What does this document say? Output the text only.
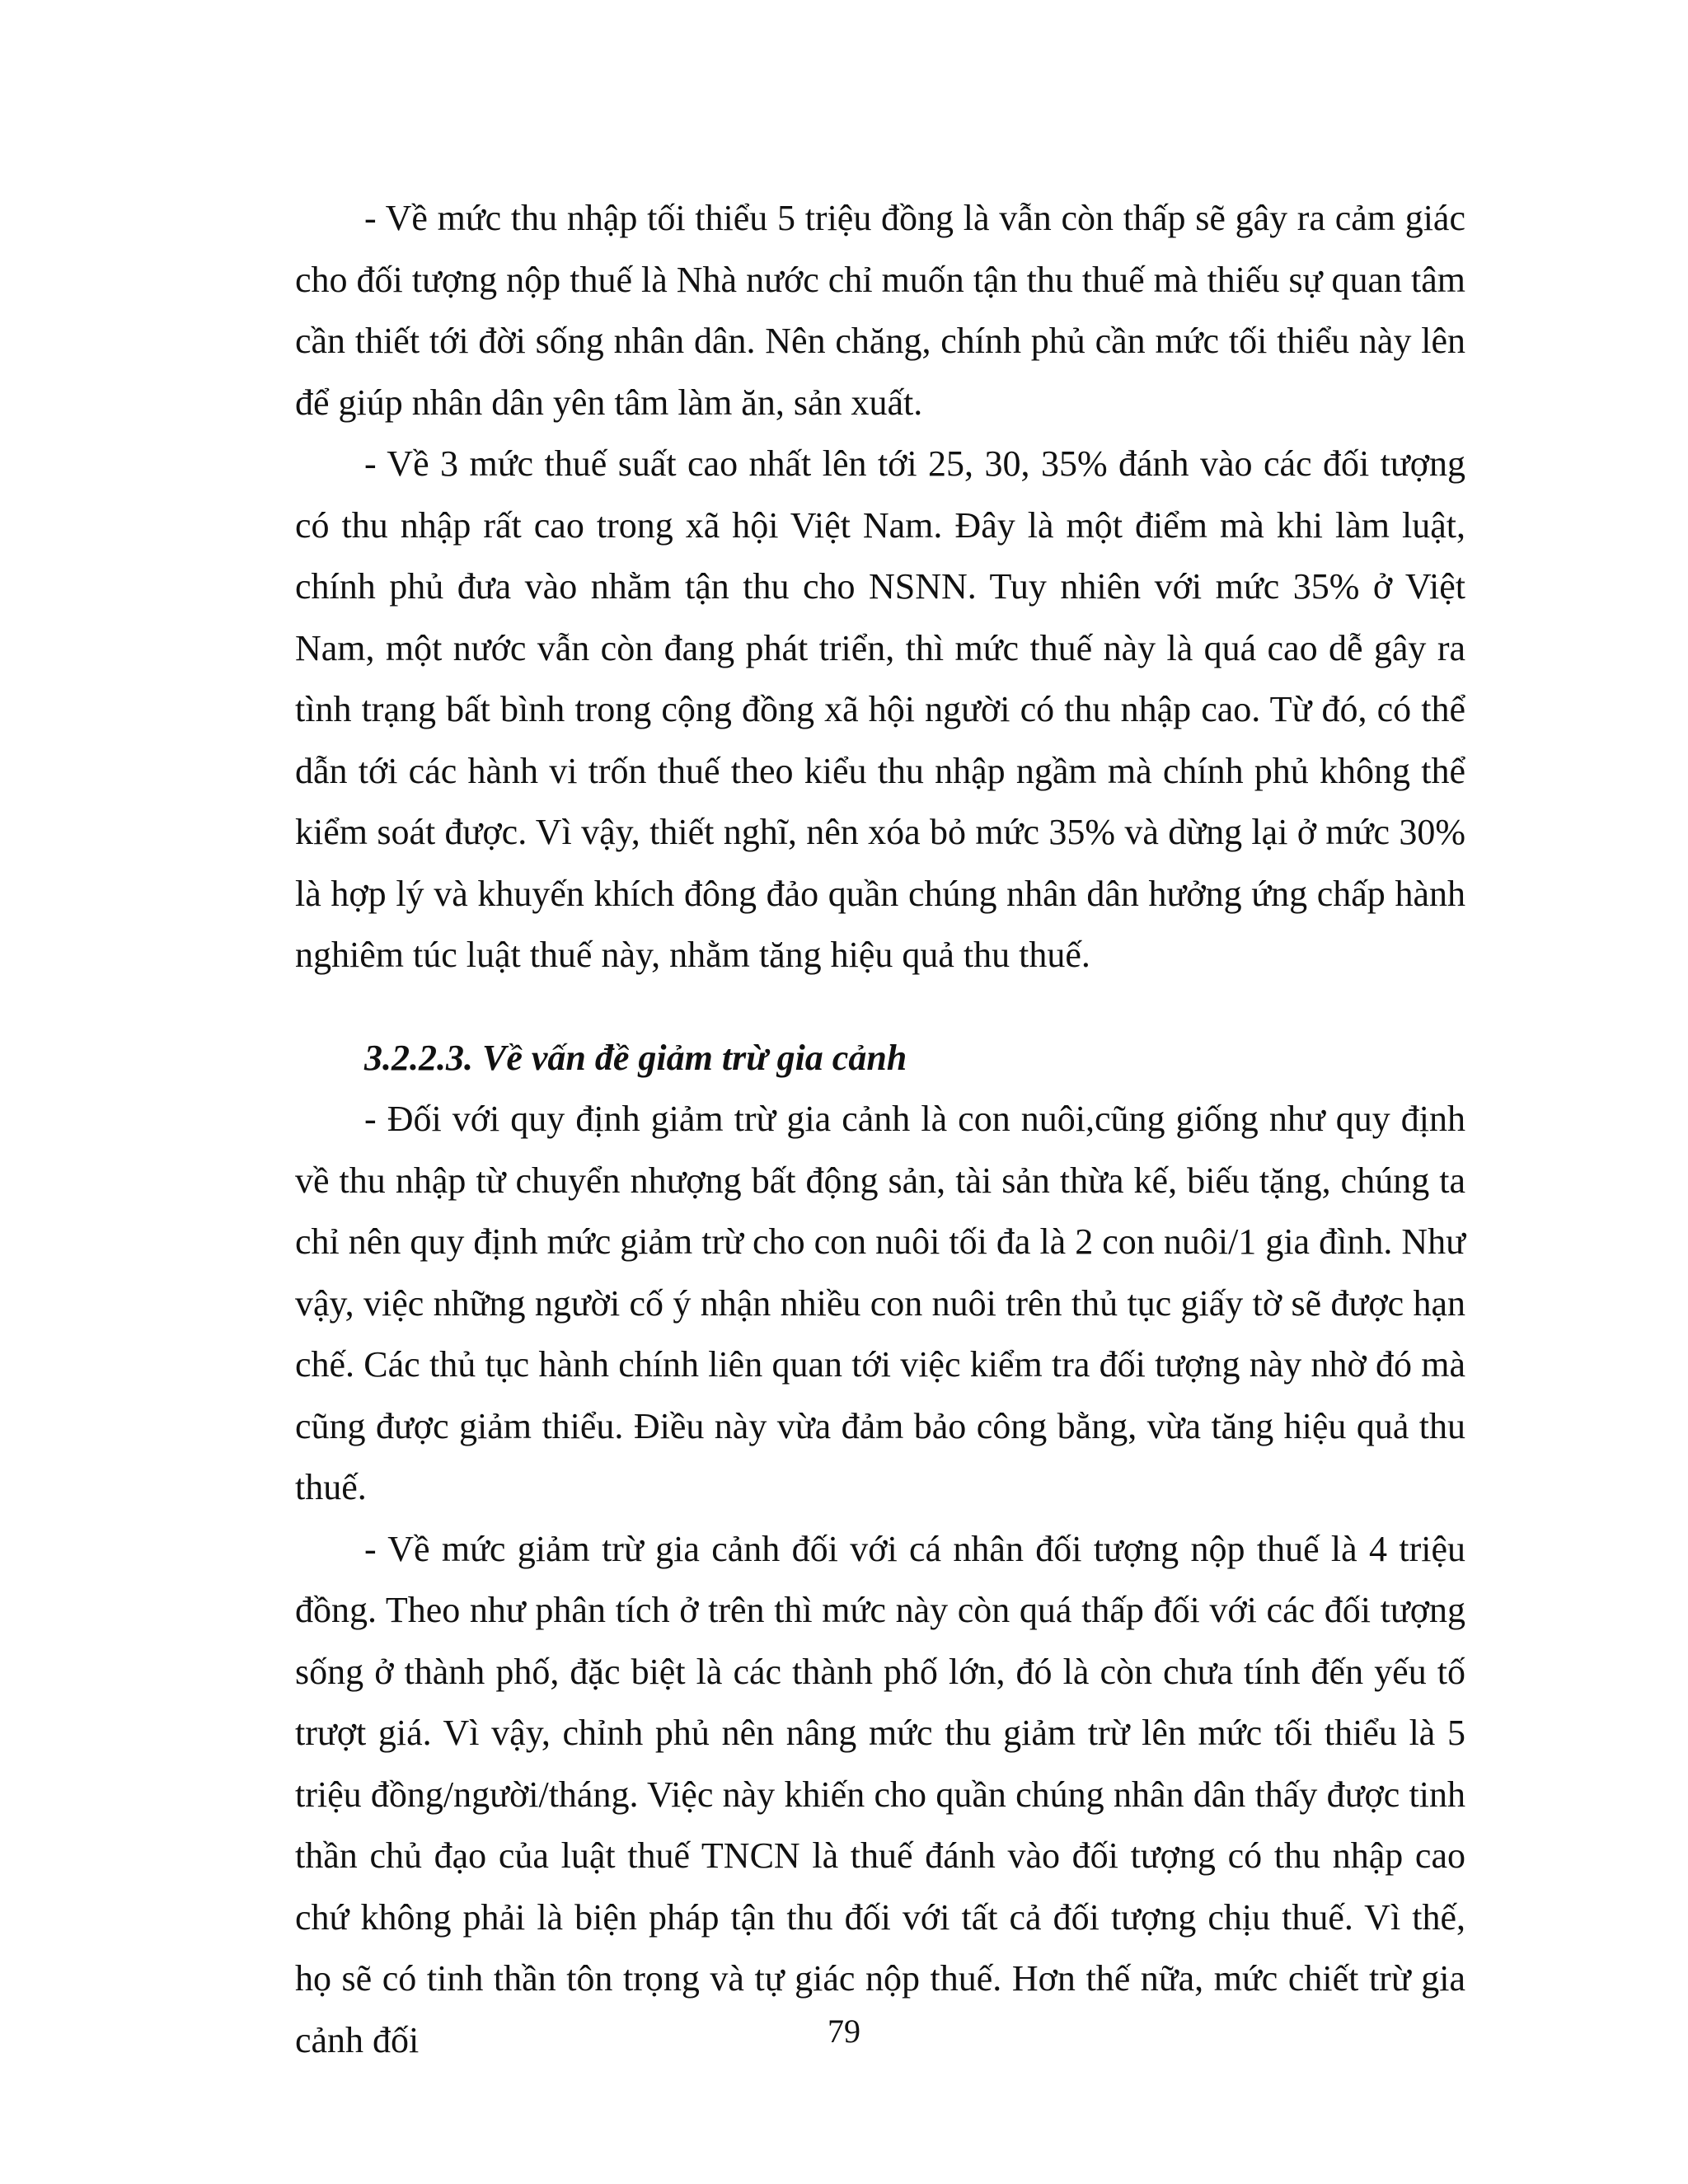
- Về mức thu nhập tối thiểu 5 triệu đồng là vẫn còn thấp sẽ gây ra cảm giác cho đối tượng nộp thuế là Nhà nước chỉ muốn tận thu thuế mà thiếu sự quan tâm cần thiết tới đời sống nhân dân. Nên chăng, chính phủ cần mức tối thiểu này lên để giúp nhân dân yên tâm làm ăn, sản xuất.

- Về 3 mức thuế suất cao nhất lên tới 25, 30, 35% đánh vào các đối tượng có thu nhập rất cao trong xã hội Việt Nam. Đây là một điểm mà khi làm luật, chính phủ đưa vào nhằm tận thu cho NSNN. Tuy nhiên với mức 35% ở Việt Nam, một nước vẫn còn đang phát triển, thì mức thuế này là quá cao dễ gây ra tình trạng bất bình trong cộng đồng xã hội người có thu nhập cao. Từ đó, có thể dẫn tới các hành vi trốn thuế theo kiểu thu nhập ngầm mà chính phủ không thể kiểm soát được. Vì vậy, thiết nghĩ, nên xóa bỏ mức 35% và dừng lại ở mức 30% là hợp lý và khuyến khích đông đảo quần chúng nhân dân hưởng ứng chấp hành nghiêm túc luật thuế này, nhằm tăng hiệu quả thu thuế.

3.2.2.3. Về vấn đề giảm trừ gia cảnh

- Đối với quy định giảm trừ gia cảnh là con nuôi,cũng giống như quy định về thu nhập từ chuyển nhượng bất động sản, tài sản thừa kế, biếu tặng, chúng ta chỉ nên quy định mức giảm trừ cho con nuôi tối đa là 2 con nuôi/1 gia đình. Như vậy, việc những người cố ý nhận nhiều con nuôi trên thủ tục giấy tờ sẽ được hạn chế. Các thủ tục hành chính liên quan tới việc kiểm tra đối tượng này nhờ đó mà cũng được giảm thiểu. Điều này vừa đảm bảo công bằng, vừa tăng hiệu quả thu thuế.

- Về mức giảm trừ gia cảnh đối với cá nhân đối tượng nộp thuế là 4 triệu đồng. Theo như phân tích ở trên thì mức này còn quá thấp đối với các đối tượng sống ở thành phố, đặc biệt là các thành phố lớn, đó là còn chưa tính đến yếu tố trượt giá. Vì vậy, chỉnh phủ nên nâng mức thu giảm trừ lên mức tối thiểu là 5 triệu đồng/người/tháng. Việc này khiến cho quần chúng nhân dân thấy được tinh thần chủ đạo của luật thuế TNCN là thuế đánh vào đối tượng có thu nhập cao chứ không phải là biện pháp tận thu đối với tất cả đối tượng chịu thuế. Vì thế, họ sẽ có tinh thần tôn trọng và tự giác nộp thuế. Hơn thế nữa, mức chiết trừ gia cảnh đối	79
